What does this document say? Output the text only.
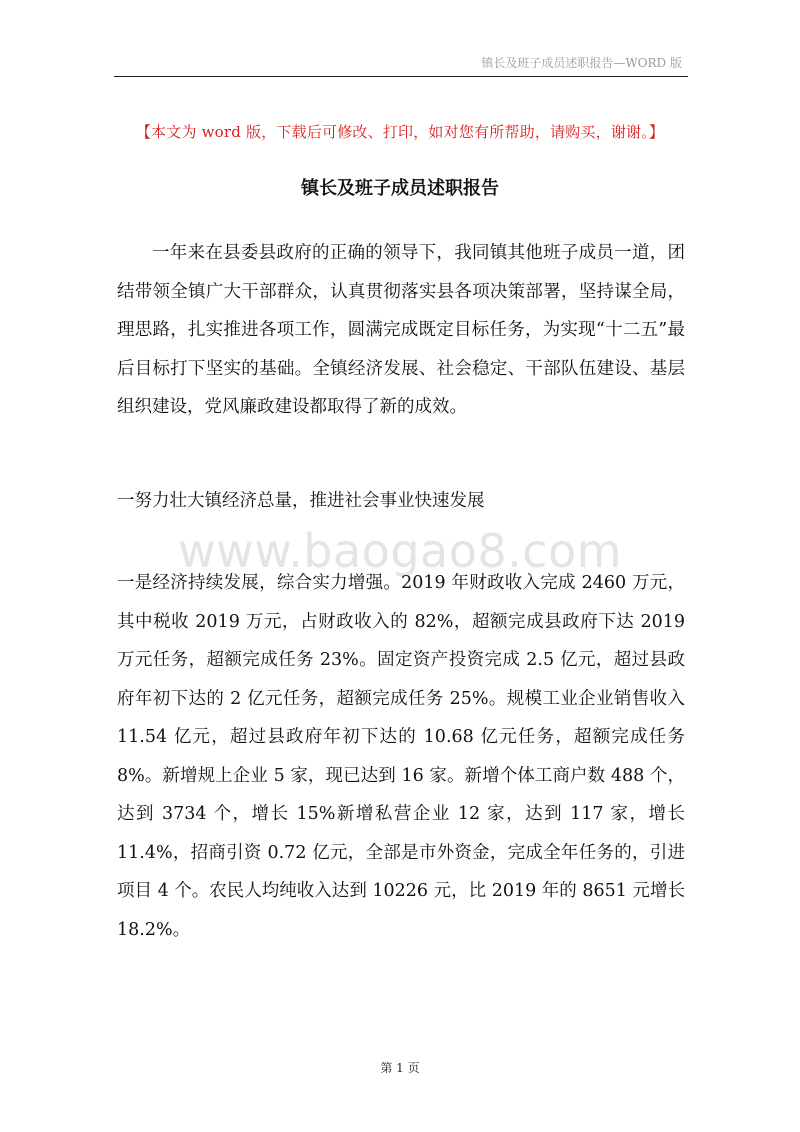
镇长及班子成员述职报告—WORD 版
【本文为 word 版，下载后可修改、打印，如对您有所帮助，请购买，谢谢。】
镇长及班子成员述职报告

一年来在县委县政府的正确的领导下，我同镇其他班子成员一道，团结带领全镇广大干部群众，认真贯彻落实县各项决策部署，坚持谋全局，理思路，扎实推进各项工作，圆满完成既定目标任务，为实现“十二五”最后目标打下坚实的基础。全镇经济发展、社会稳定、干部队伍建设、基层组织建设，党风廉政建设都取得了新的成效。

一努力壮大镇经济总量，推进社会事业快速发展
www.baogao8.com

一是经济持续发展，综合实力增强。2019 年财政收入完成 2460 万元，其中税收 2019 万元，占财政收入的 82%，超额完成县政府下达 2019 万元任务，超额完成任务 23%。固定资产投资完成 2.5 亿元，超过县政府年初下达的 2 亿元任务，超额完成任务 25%。规模工业企业销售收入 11.54 亿元，超过县政府年初下达的 10.68 亿元任务，超额完成任务 8%。新增规上企业 5 家，现已达到 16 家。新增个体工商户数 488 个，达到 3734 个，增长 15%新增私营企业 12 家，达到 117 家，增长 11.4%，招商引资 0.72 亿元，全部是市外资金，完成全年任务的，引进项目 4 个。农民人均纯收入达到 10226 元，比 2019 年的 8651 元增长 18.2%。

第 1 页
